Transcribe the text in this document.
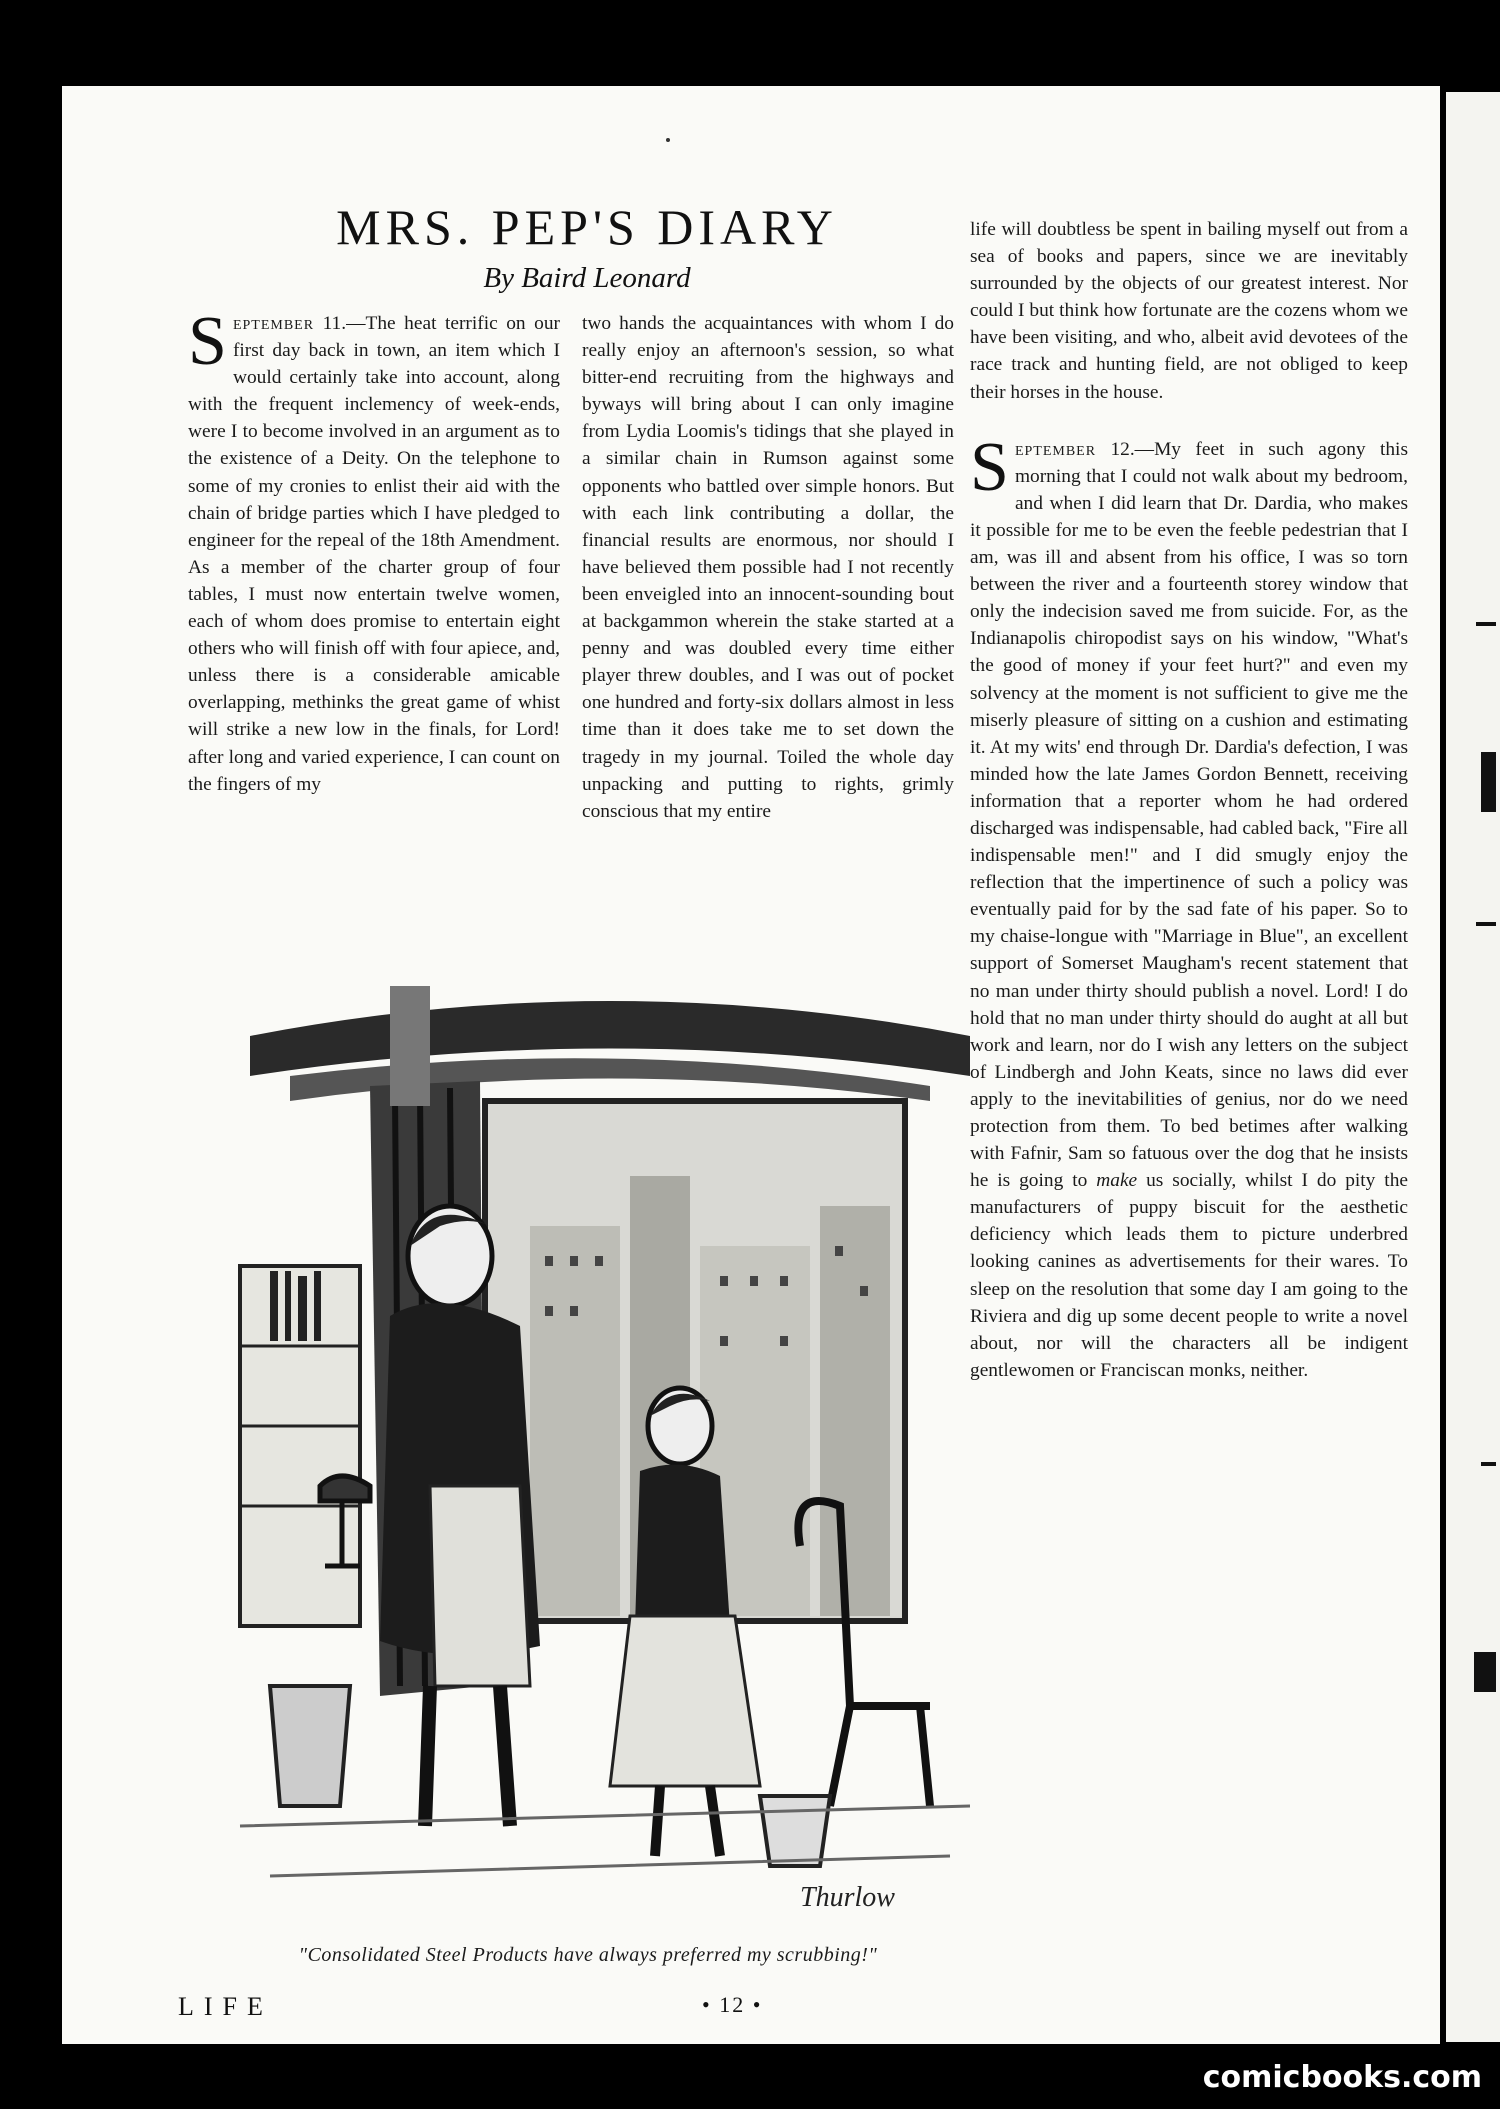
MRS. PEP'S DIARY
By Baird Leonard

September 11.—The heat terrific on our first day back in town, an item which I would certainly take into account, along with the frequent inclemency of week-ends, were I to become involved in an argument as to the existence of a Deity. On the telephone to some of my cronies to enlist their aid with the chain of bridge parties which I have pledged to engineer for the repeal of the 18th Amendment. As a member of the charter group of four tables, I must now entertain twelve women, each of whom does promise to entertain eight others who will finish off with four apiece, and, unless there is a considerable amicable overlapping, methinks the great game of whist will strike a new low in the finals, for Lord! after long and varied experience, I can count on the fingers of my

two hands the acquaintances with whom I do really enjoy an afternoon's session, so what bitter-end recruiting from the highways and byways will bring about I can only imagine from Lydia Loomis's tidings that she played in a similar chain in Rumson against some opponents who battled over simple honors. But with each link contributing a dollar, the financial results are enormous, nor should I have believed them possible had I not recently been enveigled into an innocent-sounding bout at backgammon wherein the stake started at a penny and was doubled every time either player threw doubles, and I was out of pocket one hundred and forty-six dollars almost in less time than it does take me to set down the tragedy in my journal. Toiled the whole day unpacking and putting to rights, grimly conscious that my entire

life will doubtless be spent in bailing myself out from a sea of books and papers, since we are inevitably surrounded by the objects of our greatest interest. Nor could I but think how fortunate are the cozens whom we have been visiting, and who, albeit avid devotees of the race track and hunting field, are not obliged to keep their horses in the house.

September 12.—My feet in such agony this morning that I could not walk about my bedroom, and when I did learn that Dr. Dardia, who makes it possible for me to be even the feeble pedestrian that I am, was ill and absent from his office, I was so torn between the river and a fourteenth storey window that only the indecision saved me from suicide. For, as the Indianapolis chiropodist says on his window, "What's the good of money if your feet hurt?" and even my solvency at the moment is not sufficient to give me the miserly pleasure of sitting on a cushion and estimating it. At my wits' end through Dr. Dardia's defection, I was minded how the late James Gordon Bennett, receiving information that a reporter whom he had ordered discharged was indispensable, had cabled back, "Fire all indispensable men!" and I did smugly enjoy the reflection that the impertinence of such a policy was eventually paid for by the sad fate of his paper. So to my chaise-longue with "Marriage in Blue", an excellent support of Somerset Maugham's recent statement that no man under thirty should publish a novel. Lord! I do hold that no man under thirty should do aught at all but work and learn, nor do I wish any letters on the subject of Lindbergh and John Keats, since no laws did ever apply to the inevitabilities of genius, nor do we need protection from them. To bed betimes after walking with Fafnir, Sam so fatuous over the dog that he insists he is going to make us socially, whilst I do pity the manufacturers of puppy biscuit for the aesthetic deficiency which leads them to picture underbred looking canines as advertisements for their wares. To sleep on the resolution that some day I am going to the Riviera and dig up some decent people to write a novel about, nor will the characters all be indigent gentlewomen or Franciscan monks, neither.

Thurlow
"Consolidated Steel Products have always preferred my scrubbing!"
LIFE	• 12 •
comicbooks.com
